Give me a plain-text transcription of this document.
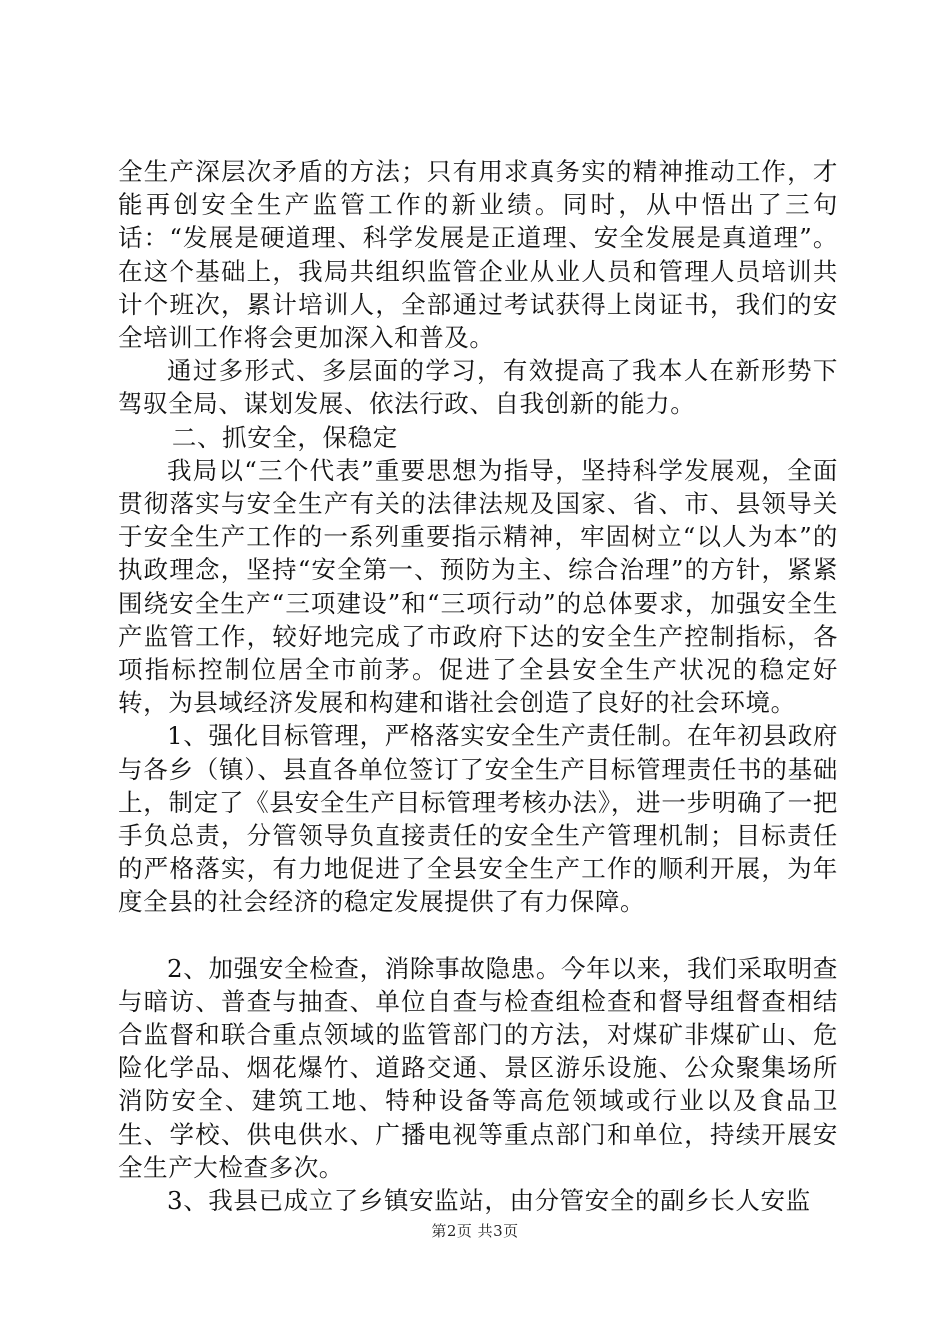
全生产深层次矛盾的方法；只有用求真务实的精神推动工作，才能再创安全生产监管工作的新业绩。同时，从中悟出了三句话：“发展是硬道理、科学发展是正道理、安全发展是真道理”。在这个基础上，我局共组织监管企业从业人员和管理人员培训共计个班次，累计培训人，全部通过考试获得上岗证书，我们的安全培训工作将会更加深入和普及。

通过多形式、多层面的学习，有效提高了我本人在新形势下驾驭全局、谋划发展、依法行政、自我创新的能力。

二、抓安全，保稳定

我局以“三个代表”重要思想为指导，坚持科学发展观，全面贯彻落实与安全生产有关的法律法规及国家、省、市、县领导关于安全生产工作的一系列重要指示精神，牢固树立“以人为本”的执政理念，坚持“安全第一、预防为主、综合治理”的方针，紧紧围绕安全生产“三项建设”和“三项行动”的总体要求，加强安全生产监管工作，较好地完成了市政府下达的安全生产控制指标，各项指标控制位居全市前茅。促进了全县安全生产状况的稳定好转，为县域经济发展和构建和谐社会创造了良好的社会环境。

1、强化目标管理，严格落实安全生产责任制。在年初县政府与各乡（镇）、县直各单位签订了安全生产目标管理责任书的基础上，制定了《县安全生产目标管理考核办法》，进一步明确了一把手负总责，分管领导负直接责任的安全生产管理机制；目标责任的严格落实，有力地促进了全县安全生产工作的顺利开展，为年度全县的社会经济的稳定发展提供了有力保障。

2、加强安全检查，消除事故隐患。今年以来，我们采取明查与暗访、普查与抽查、单位自查与检查组检查和督导组督查相结合监督和联合重点领域的监管部门的方法，对煤矿非煤矿山、危险化学品、烟花爆竹、道路交通、景区游乐设施、公众聚集场所消防安全、建筑工地、特种设备等高危领域或行业以及食品卫生、学校、供电供水、广播电视等重点部门和单位，持续开展安全生产大检查多次。

3、我县已成立了乡镇安监站，由分管安全的副乡长人安监

第2页 共3页
